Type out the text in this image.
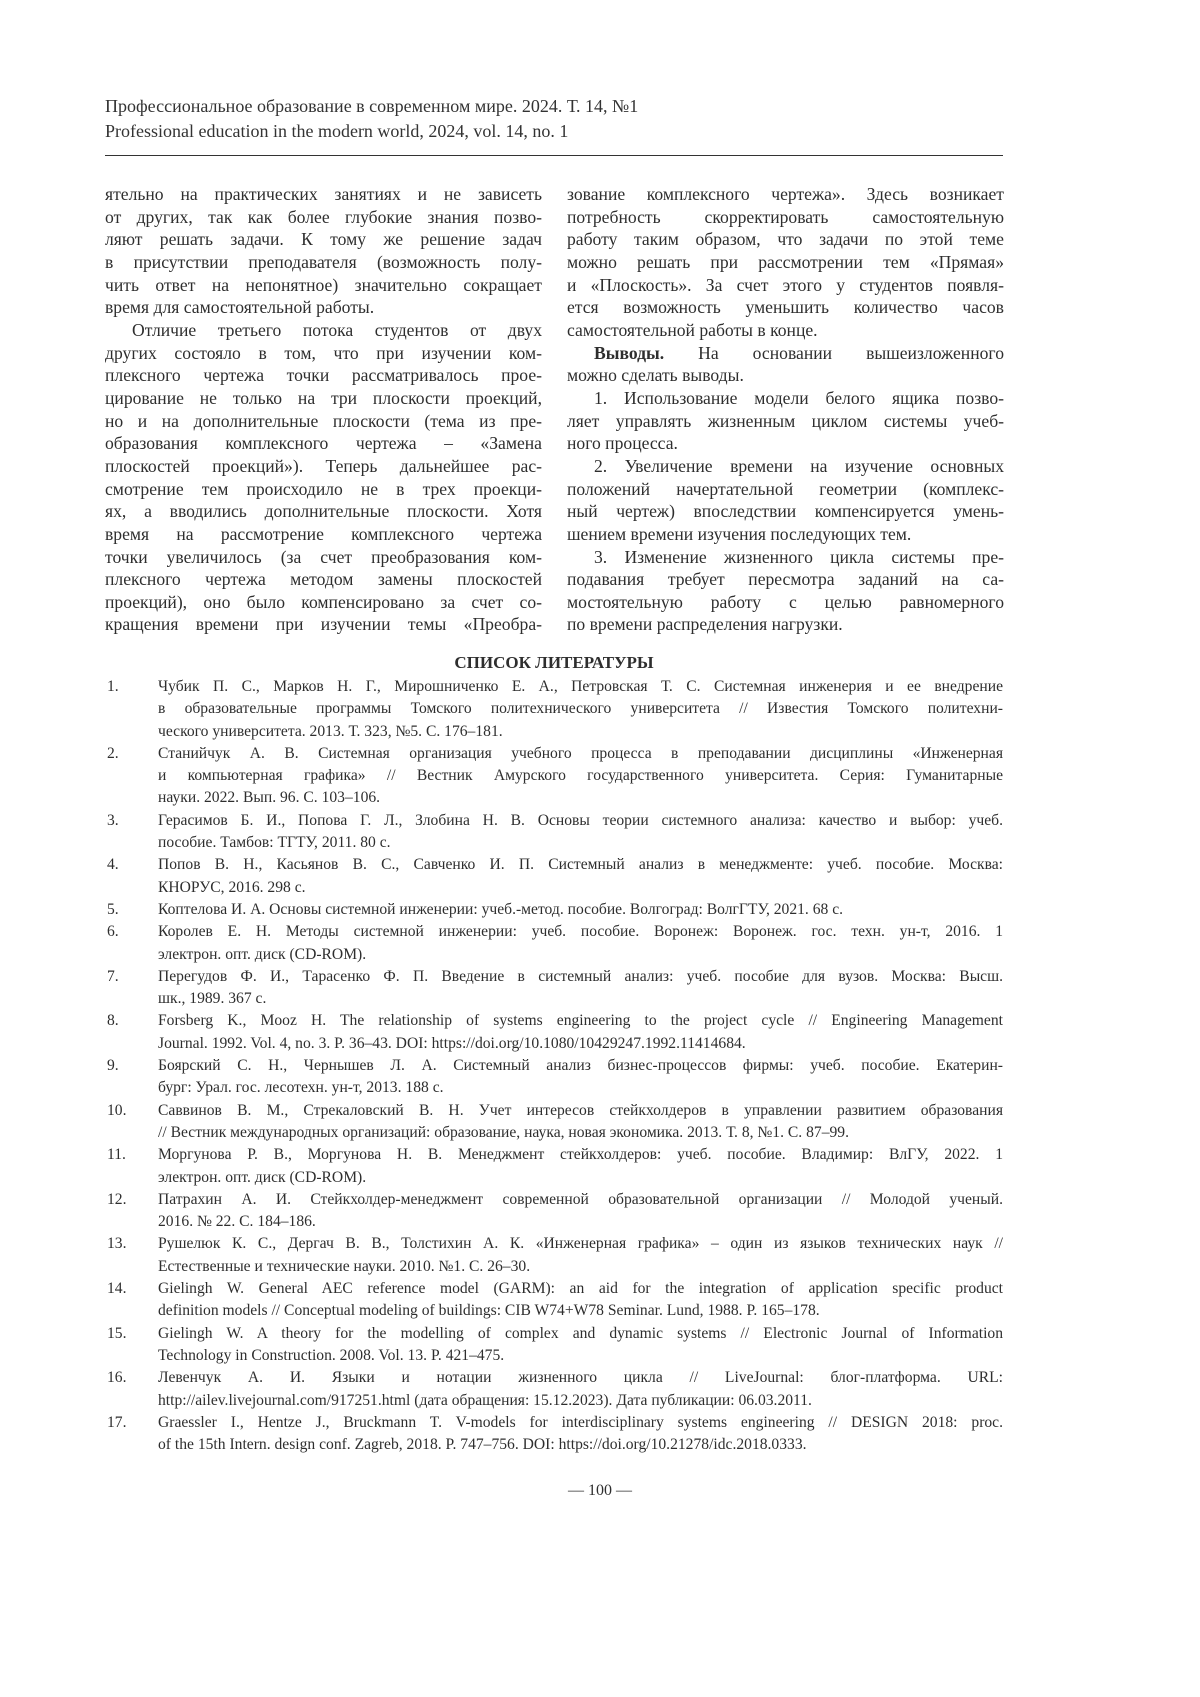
Профессиональное образование в современном мире. 2024. Т. 14, №1
Professional education in the modern world, 2024, vol. 14, no. 1
ятельно на практических занятиях и не зависеть
от других, так как более глубокие знания позво-
ляют решать задачи. К тому же решение задач
в присутствии преподавателя (возможность полу-
чить ответ на непонятное) значительно сокращает
время для самостоятельной работы.
Отличие третьего потока студентов от двух
других состояло в том, что при изучении ком-
плексного чертежа точки рассматривалось прое-
цирование не только на три плоскости проекций,
но и на дополнительные плоскости (тема из пре-
образования комплексного чертежа – «Замена
плоскостей проекций»). Теперь дальнейшее рас-
смотрение тем происходило не в трех проекци-
ях, а вводились дополнительные плоскости. Хотя
время на рассмотрение комплексного чертежа
точки увеличилось (за счет преобразования ком-
плексного чертежа методом замены плоскостей
проекций), оно было компенсировано за счет со-
кращения времени при изучении темы «Преобра-
зование комплексного чертежа». Здесь возникает
потребность скорректировать самостоятельную
работу таким образом, что задачи по этой теме
можно решать при рассмотрении тем «Прямая»
и «Плоскость». За счет этого у студентов появля-
ется возможность уменьшить количество часов
самостоятельной работы в конце.
Выводы. На основании вышеизложенного
можно сделать выводы.
1. Использование модели белого ящика позво-
ляет управлять жизненным циклом системы учеб-
ного процесса.
2. Увеличение времени на изучение основных
положений начертательной геометрии (комплекс-
ный чертеж) впоследствии компенсируется умень-
шением времени изучения последующих тем.
3. Изменение жизненного цикла системы пре-
подавания требует пересмотра заданий на са-
мостоятельную работу с целью равномерного
по времени распределения нагрузки.
СПИСОК ЛИТЕРАТУРЫ
1.	Чубик П. С., Марков Н. Г., Мирошниченко Е. А., Петровская Т. С. Системная инженерия и ее внедрение
в образовательные программы Томского политехнического университета // Известия Томского политехни-
ческого университета. 2013. Т. 323, №5. С. 176–181.
2.	Станийчук А. В. Системная организация учебного процесса в преподавании дисциплины «Инженерная
и компьютерная графика» // Вестник Амурского государственного университета. Серия: Гуманитарные
науки. 2022. Вып. 96. С. 103–106.
3.	Герасимов Б. И., Попова Г. Л., Злобина Н. В. Основы теории системного анализа: качество и выбор: учеб.
пособие. Тамбов: ТГТУ, 2011. 80 с.
4.	Попов В. Н., Касьянов В. С., Савченко И. П. Системный анализ в менеджменте: учеб. пособие. Москва:
КНОРУС, 2016. 298 с.
5.	Коптелова И. А. Основы системной инженерии: учеб.-метод. пособие. Волгоград: ВолгГТУ, 2021. 68 с.
6.	Королев Е. Н. Методы системной инженерии: учеб. пособие. Воронеж: Воронеж. гос. техн. ун-т, 2016. 1
электрон. опт. диск (CD-ROM).
7.	Перегудов Ф. И., Тарасенко Ф. П. Введение в системный анализ: учеб. пособие для вузов. Москва: Высш.
шк., 1989. 367 с.
8.	Forsberg K., Mooz H. The relationship of systems engineering to the project cycle // Engineering Management
Journal. 1992. Vol. 4, no. 3. P. 36–43. DOI: https://doi.org/10.1080/10429247.1992.11414684.
9.	Боярский С. Н., Чернышев Л. А. Системный анализ бизнес-процессов фирмы: учеб. пособие. Екатерин-
бург: Урал. гос. лесотехн. ун-т, 2013. 188 с.
10. Саввинов В. М., Стрекаловский В. Н. Учет интересов стейкхолдеров в управлении развитием образования
// Вестник международных организаций: образование, наука, новая экономика. 2013. Т. 8, №1. С. 87–99.
11. Моргунова Р. В., Моргунова Н. В. Менеджмент стейкхолдеров: учеб. пособие. Владимир: ВлГУ, 2022. 1
электрон. опт. диск (CD-ROM).
12. Патрахин А. И. Стейкхолдер-менеджмент современной образовательной организации // Молодой ученый.
2016. № 22. С. 184–186.
13. Рушелюк К. С., Дергач В. В., Толстихин А. К. «Инженерная графика» – один из языков технических наук //
Естественные и технические науки. 2010. №1. С. 26–30.
14. Gielingh W. General AEC reference model (GARM): an aid for the integration of application specific product
definition models // Conceptual modeling of buildings: CIB W74+W78 Seminar. Lund, 1988. P. 165–178.
15. Gielingh W. A theory for the modelling of complex and dynamic systems // Electronic Journal of Information
Technology in Construction. 2008. Vol. 13. P. 421–475.
16. Левенчук А. И. Языки и нотации жизненного цикла // LiveJournal: блог-платформа. URL:
http://ailev.livejournal.com/917251.html (дата обращения: 15.12.2023). Дата публикации: 06.03.2011.
17. Graessler I., Hentze J., Bruckmann T. V-models for interdisciplinary systems engineering // DESIGN 2018: proc.
of the 15th Intern. design conf. Zagreb, 2018. P. 747–756. DOI: https://doi.org/10.21278/idc.2018.0333.
— 100 —
